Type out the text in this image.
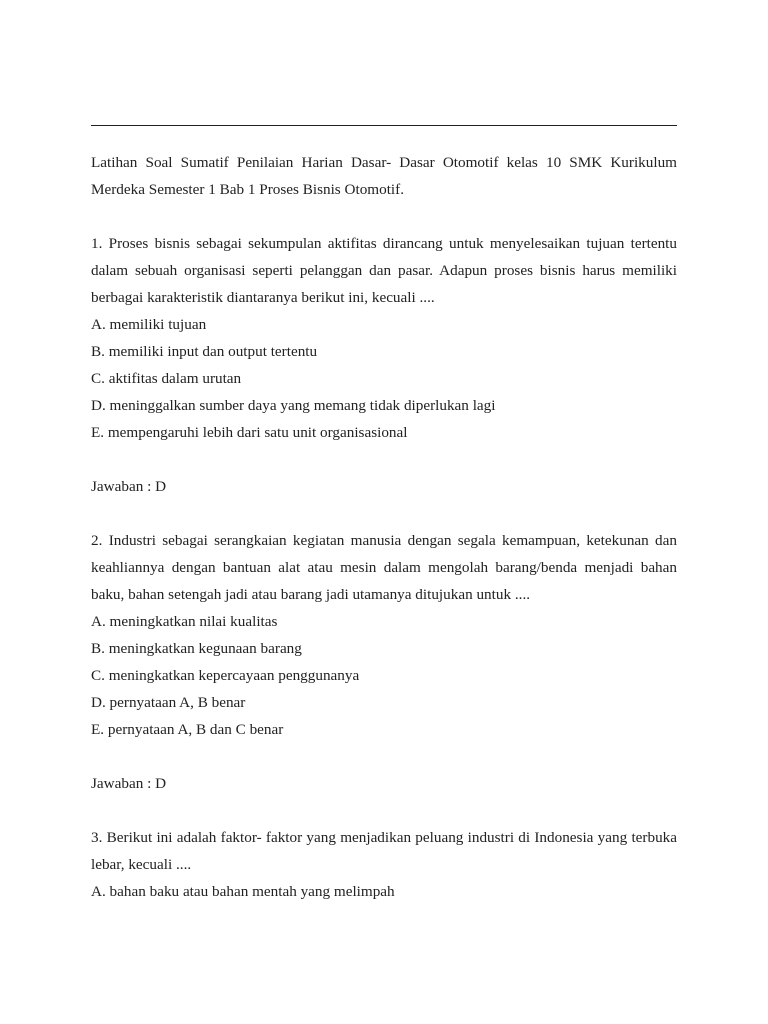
Latihan Soal Sumatif Penilaian Harian Dasar- Dasar Otomotif kelas 10 SMK Kurikulum Merdeka Semester 1 Bab 1 Proses Bisnis Otomotif.

1. Proses bisnis sebagai sekumpulan aktifitas dirancang untuk menyelesaikan tujuan tertentu dalam sebuah organisasi seperti pelanggan dan pasar. Adapun proses bisnis harus memiliki berbagai karakteristik diantaranya berikut ini, kecuali ....

A. memiliki tujuan

B. memiliki input dan output tertentu

C. aktifitas dalam urutan

D. meninggalkan sumber daya yang memang tidak diperlukan lagi

E. mempengaruhi lebih dari satu unit organisasional

Jawaban : D

2. Industri sebagai serangkaian kegiatan manusia dengan segala kemampuan, ketekunan dan keahliannya dengan bantuan alat atau mesin dalam mengolah barang/benda menjadi bahan baku, bahan setengah jadi atau barang jadi utamanya ditujukan untuk ....

A. meningkatkan nilai kualitas

B. meningkatkan kegunaan barang

C. meningkatkan kepercayaan penggunanya

D. pernyataan A, B benar

E. pernyataan A, B dan C benar

Jawaban : D

3. Berikut ini adalah faktor- faktor yang menjadikan peluang industri di Indonesia yang terbuka lebar, kecuali ....

A. bahan baku atau bahan mentah yang melimpah
